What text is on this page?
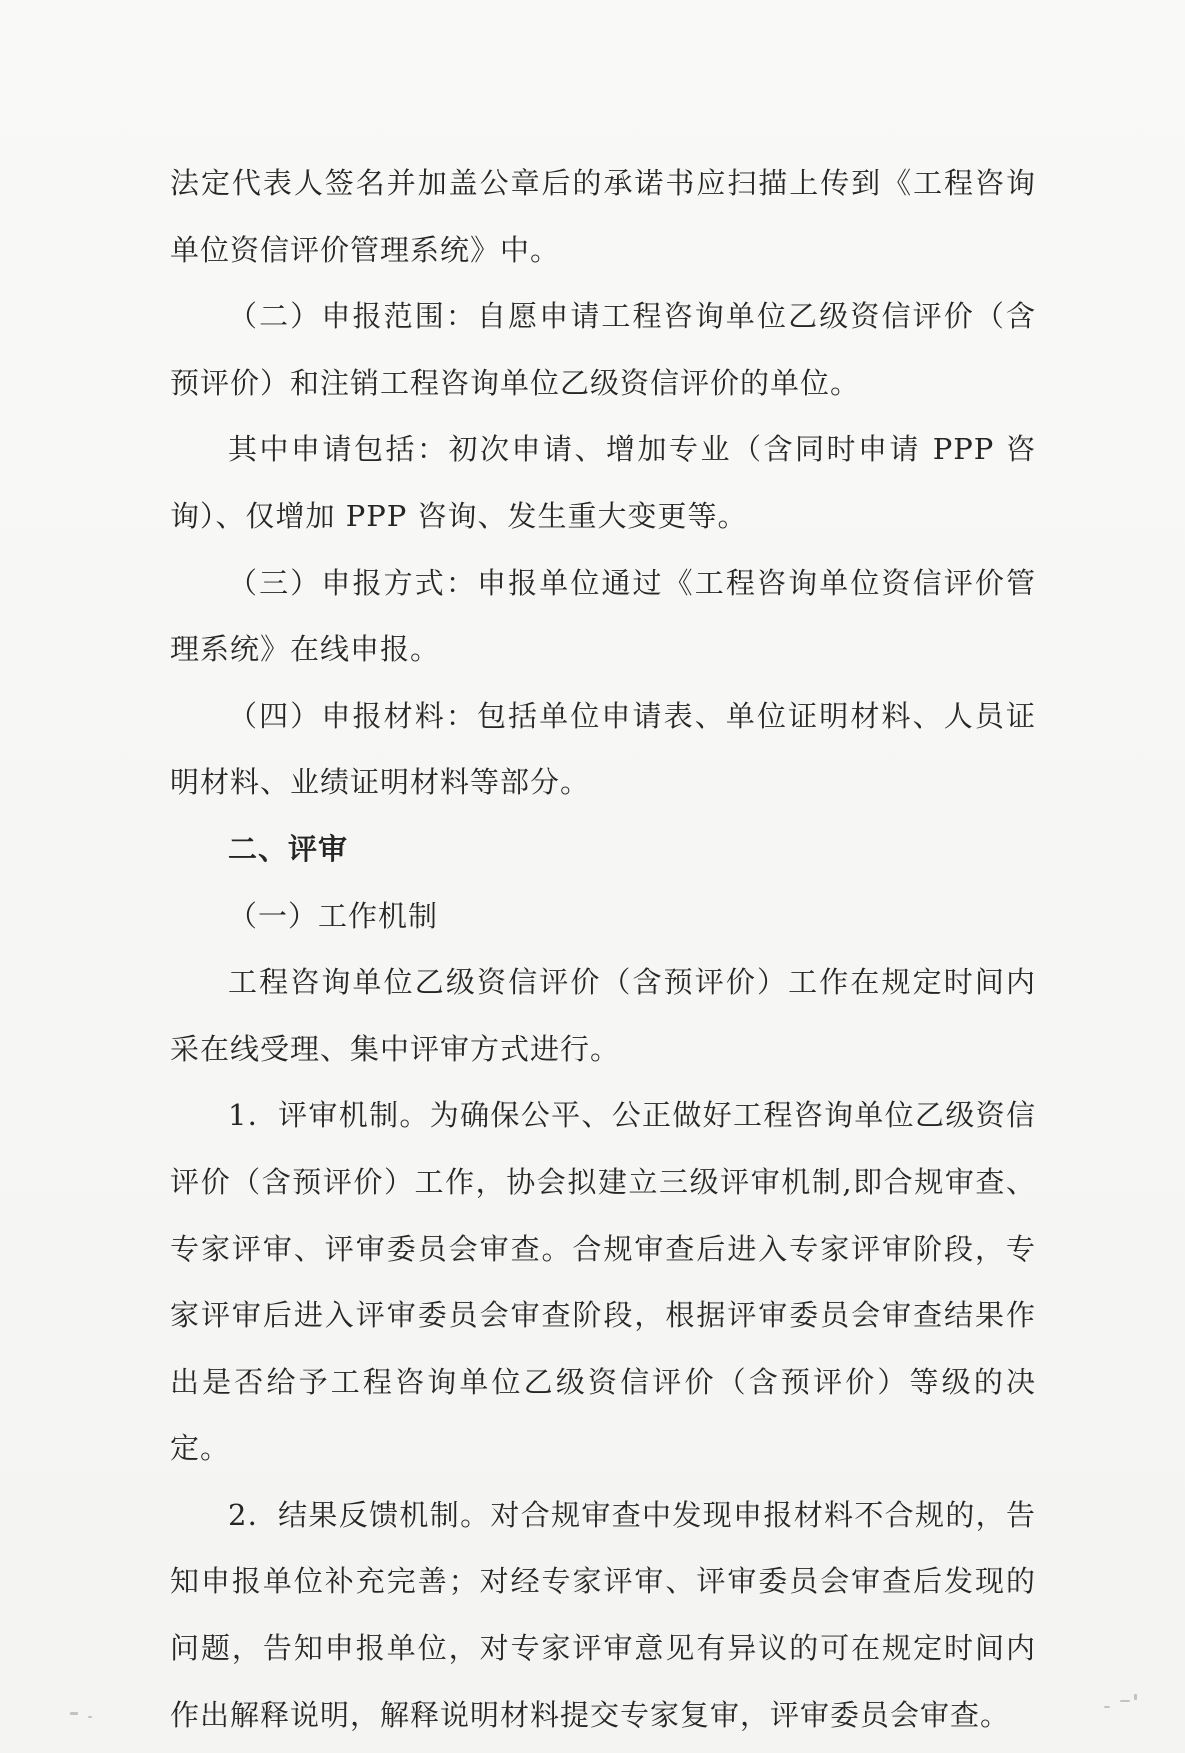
法定代表人签名并加盖公章后的承诺书应扫描上传到《工程咨询单位资信评价管理系统》中。

（二）申报范围：自愿申请工程咨询单位乙级资信评价（含预评价）和注销工程咨询单位乙级资信评价的单位。

其中申请包括：初次申请、增加专业（含同时申请 PPP 咨询）、仅增加 PPP 咨询、发生重大变更等。

（三）申报方式：申报单位通过《工程咨询单位资信评价管理系统》在线申报。

（四）申报材料：包括单位申请表、单位证明材料、人员证明材料、业绩证明材料等部分。

二、评审

（一）工作机制

工程咨询单位乙级资信评价（含预评价）工作在规定时间内采在线受理、集中评审方式进行。

1．评审机制。为确保公平、公正做好工程咨询单位乙级资信评价（含预评价）工作，协会拟建立三级评审机制,即合规审查、专家评审、评审委员会审查。合规审查后进入专家评审阶段，专家评审后进入评审委员会审查阶段，根据评审委员会审查结果作出是否给予工程咨询单位乙级资信评价（含预评价）等级的决定。

2．结果反馈机制。对合规审查中发现申报材料不合规的，告知申报单位补充完善；对经专家评审、评审委员会审查后发现的问题，告知申报单位，对专家评审意见有异议的可在规定时间内作出解释说明，解释说明材料提交专家复审，评审委员会审查。
